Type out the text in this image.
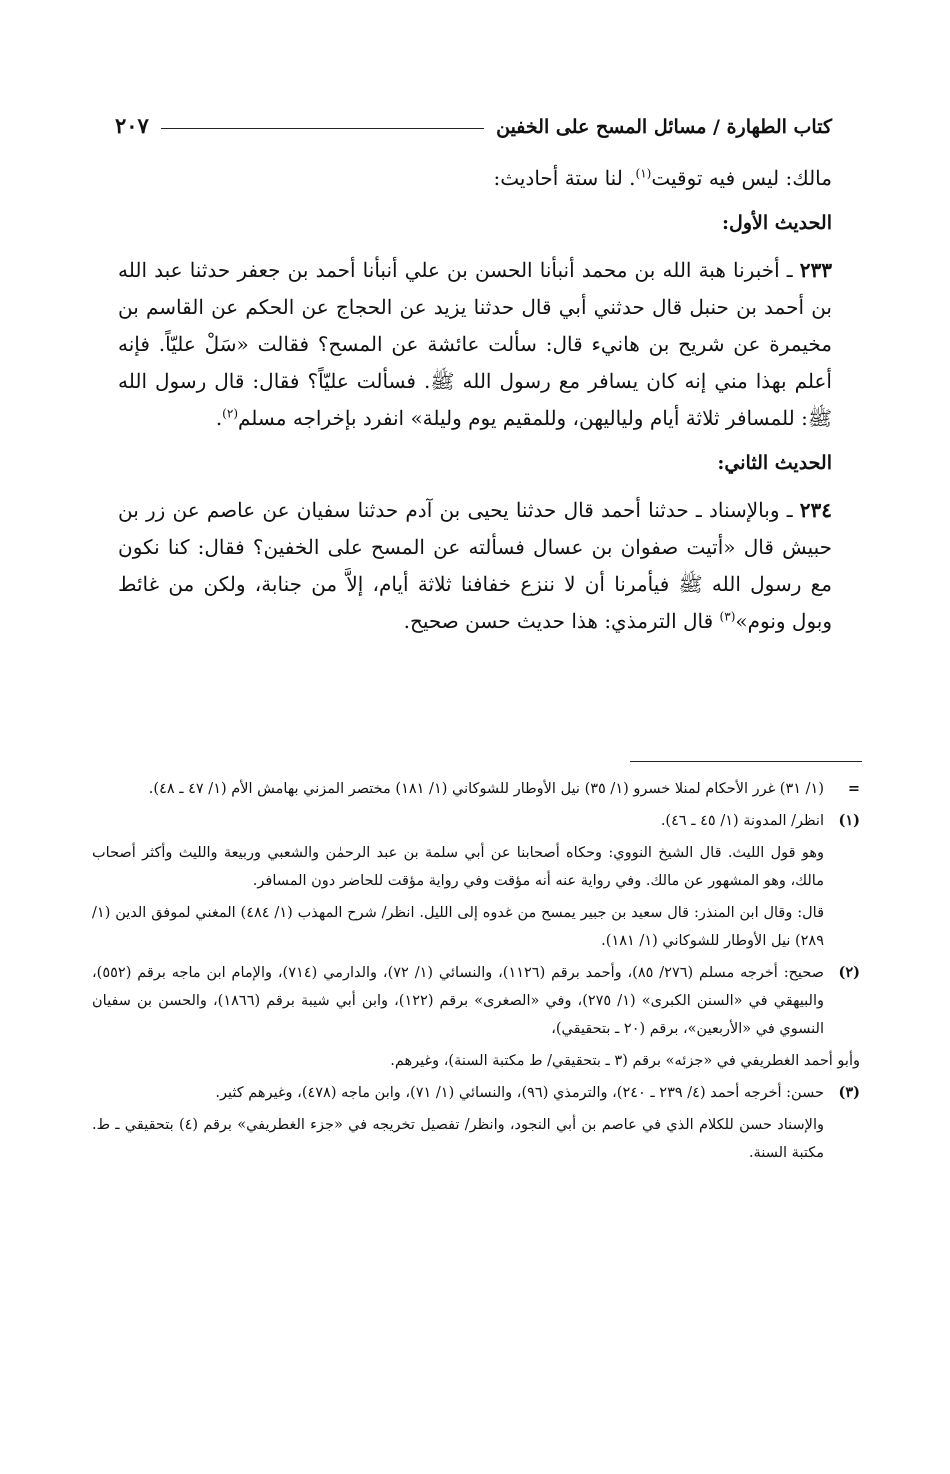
كتاب الطهارة / مسائل المسح على الخفين
٢٠٧

مالك: ليس فيه توقيت$^{(١)}$. لنا ستة أحاديث:

الحديث الأول:

٢٣٣ ـ أخبرنا هبة الله بن محمد أنبأنا الحسن بن علي أنبأنا أحمد بن جعفر حدثنا عبد الله بن أحمد بن حنبل قال حدثني أبي قال حدثنا يزيد عن الحجاج عن الحكم عن القاسم بن مخيمرة عن شريح بن هانيء قال: سألت عائشة عن المسح؟ فقالت «سَلْ عليّاً. فإنه أعلم بهذا مني إنه كان يسافر مع رسول الله ﷺ. فسألت عليّاً؟ فقال: قال رسول الله ﷺ: للمسافر ثلاثة أيام ولياليهن، وللمقيم يوم وليلة» انفرد بإخراجه مسلم$^{(٢)}$.

الحديث الثاني:

٢٣٤ ـ وبالإسناد ـ حدثنا أحمد قال حدثنا يحيى بن آدم حدثنا سفيان عن عاصم عن زر بن حبيش قال «أتيت صفوان بن عسال فسألته عن المسح على الخفين؟ فقال: كنا نكون مع رسول الله ﷺ فيأمرنا أن لا ننزع خفافنا ثلاثة أيام، إلاَّ من جنابة، ولكن من غائط وبول ونوم»$^{(٣)}$ قال الترمذي: هذا حديث حسن صحيح.

=
(١/ ٣١) غرر الأحكام لمنلا خسرو (١/ ٣٥) نيل الأوطار للشوكاني (١/ ١٨١) مختصر المزني بهامش الأم (١/ ٤٧ ـ ٤٨).
(١)
انظر/ المدونة (١/ ٤٥ ـ ٤٦).
وهو قول الليث. قال الشيخ النووي: وحكاه أصحابنا عن أبي سلمة بن عبد الرحمٰن والشعبي وربيعة والليث وأكثر أصحاب مالك، وهو المشهور عن مالك. وفي رواية عنه أنه مؤقت وفي رواية مؤقت للحاضر دون المسافر.
قال: وقال ابن المنذر: قال سعيد بن جبير يمسح من غدوه إلى الليل. انظر/ شرح المهذب (١/ ٤٨٤) المغني لموفق الدين (١/ ٢٨٩) نيل الأوطار للشوكاني (١/ ١٨١).
(٢)
صحيح: أخرجه مسلم (٢٧٦/ ٨٥)، وأحمد برقم (١١٢٦)، والنسائي (١/ ٧٢)، والدارمي (٧١٤)، والإمام ابن ماجه برقم (٥٥٢)، والبيهقي في «السنن الكبرى» (١/ ٢٧٥)، وفي «الصغرى» برقم (١٢٢)، وابن أبي شيبة برقم (١٨٦٦)، والحسن بن سفيان النسوي في «الأربعين»، برقم (٢٠ ـ بتحقيقي)،
وأبو أحمد الغطريفي في «جزئه» برقم (٣ ـ بتحقيقي/ ط مكتبة السنة)، وغيرهم.
(٣)
حسن: أخرجه أحمد (٤/ ٢٣٩ ـ ٢٤٠)، والترمذي (٩٦)، والنسائي (١/ ٧١)، وابن ماجه (٤٧٨)، وغيرهم كثير.
والإسناد حسن للكلام الذي في عاصم بن أبي النجود، وانظر/ تفصيل تخريجه في «جزء الغطريفي» برقم (٤) بتحقيقي ـ ط. مكتبة السنة.
